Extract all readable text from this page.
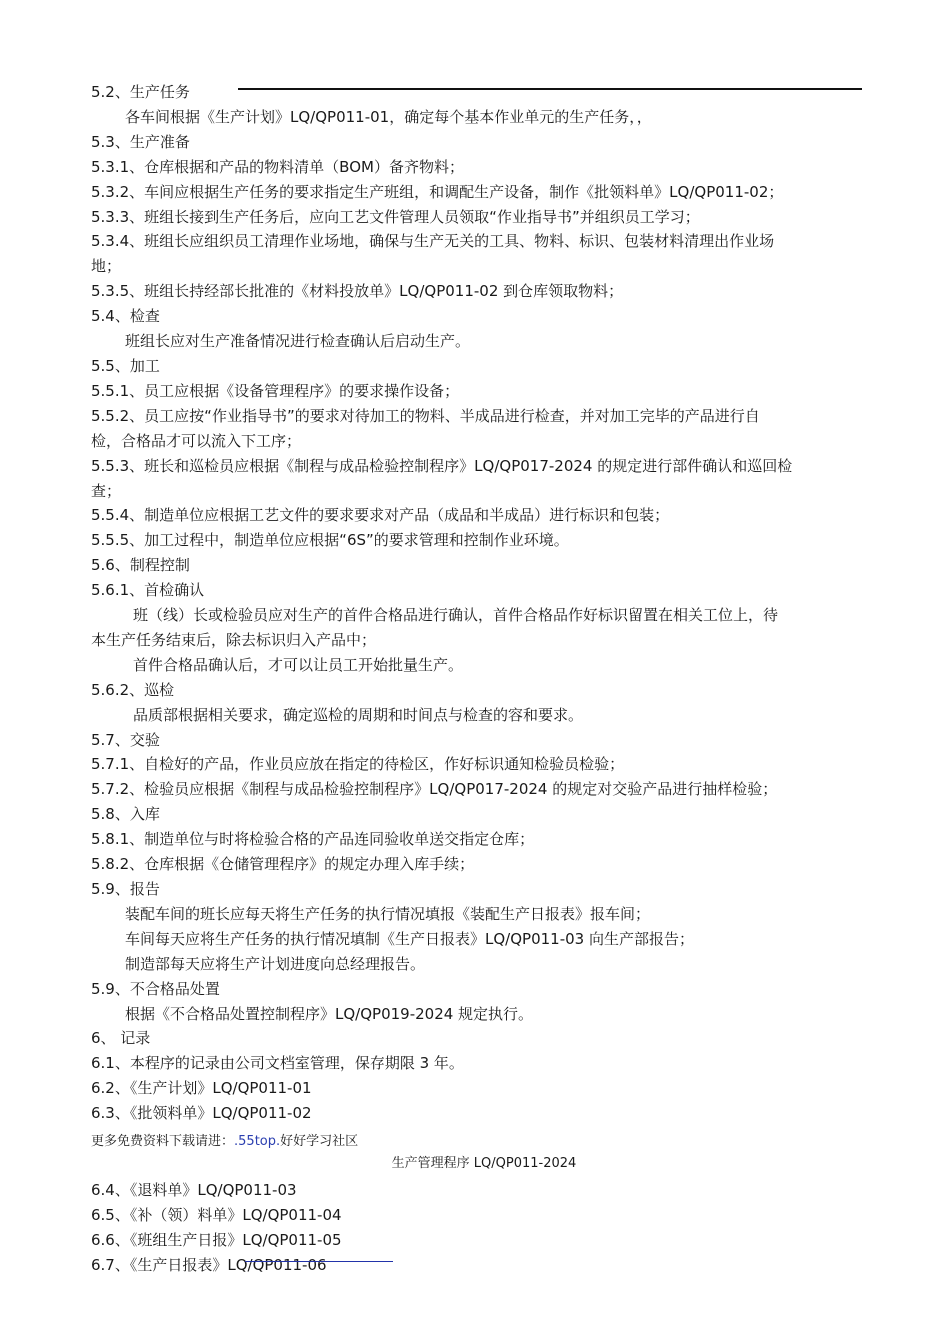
5.2、生产任务
各车间根据《生产计划》LQ/QP011-01，确定每个基本作业单元的生产任务，，
5.3、生产准备
5.3.1、仓库根据和产品的物料清单（BOM）备齐物料；
5.3.2、车间应根据生产任务的要求指定生产班组，和调配生产设备，制作《批领料单》LQ/QP011-02；
5.3.3、班组长接到生产任务后，应向工艺文件管理人员领取“作业指导书”并组织员工学习；
5.3.4、班组长应组织员工清理作业场地，确保与生产无关的工具、物料、标识、包装材料清理出作业场
地；
5.3.5、班组长持经部长批准的《材料投放单》LQ/QP011-02 到仓库领取物料；
5.4、检查
班组长应对生产准备情况进行检查确认后启动生产。
5.5、加工
5.5.1、员工应根据《设备管理程序》的要求操作设备；
5.5.2、员工应按“作业指导书”的要求对待加工的物料、半成品进行检查，并对加工完毕的产品进行自
检，合格品才可以流入下工序；
5.5.3、班长和巡检员应根据《制程与成品检验控制程序》LQ/QP017-2024 的规定进行部件确认和巡回检
查；
5.5.4、制造单位应根据工艺文件的要求要求对产品（成品和半成品）进行标识和包装；
5.5.5、加工过程中，制造单位应根据“6S”的要求管理和控制作业环境。
5.6、制程控制
5.6.1、首检确认
班（线）长或检验员应对生产的首件合格品进行确认，首件合格品作好标识留置在相关工位上，待
本生产任务结束后，除去标识归入产品中；
首件合格品确认后，才可以让员工开始批量生产。
5.6.2、巡检
品质部根据相关要求，确定巡检的周期和时间点与检查的容和要求。
5.7、交验
5.7.1、自检好的产品，作业员应放在指定的待检区，作好标识通知检验员检验；
5.7.2、检验员应根据《制程与成品检验控制程序》LQ/QP017-2024 的规定对交验产品进行抽样检验；
5.8、入库
5.8.1、制造单位与时将检验合格的产品连同验收单送交指定仓库；
5.8.2、仓库根据《仓储管理程序》的规定办理入库手续；
5.9、报告
装配车间的班长应每天将生产任务的执行情况填报《装配生产日报表》报车间；
车间每天应将生产任务的执行情况填制《生产日报表》LQ/QP011-03 向生产部报告；
制造部每天应将生产计划进度向总经理报告。
5.9、不合格品处置
根据《不合格品处置控制程序》LQ/QP019-2024 规定执行。
6、 记录
6.1、本程序的记录由公司文档室管理，保存期限 3 年。
6.2、《生产计划》LQ/QP011-01
6.3、《批领料单》LQ/QP011-02
更多免费资料下载请进：.55top.好好学习社区
生产管理程序 LQ/QP011-2024
6.4、《退料单》LQ/QP011-03
6.5、《补（领）料单》LQ/QP011-04
6.6、《班组生产日报》LQ/QP011-05
6.7、《生产日报表》LQ/QP011-06
